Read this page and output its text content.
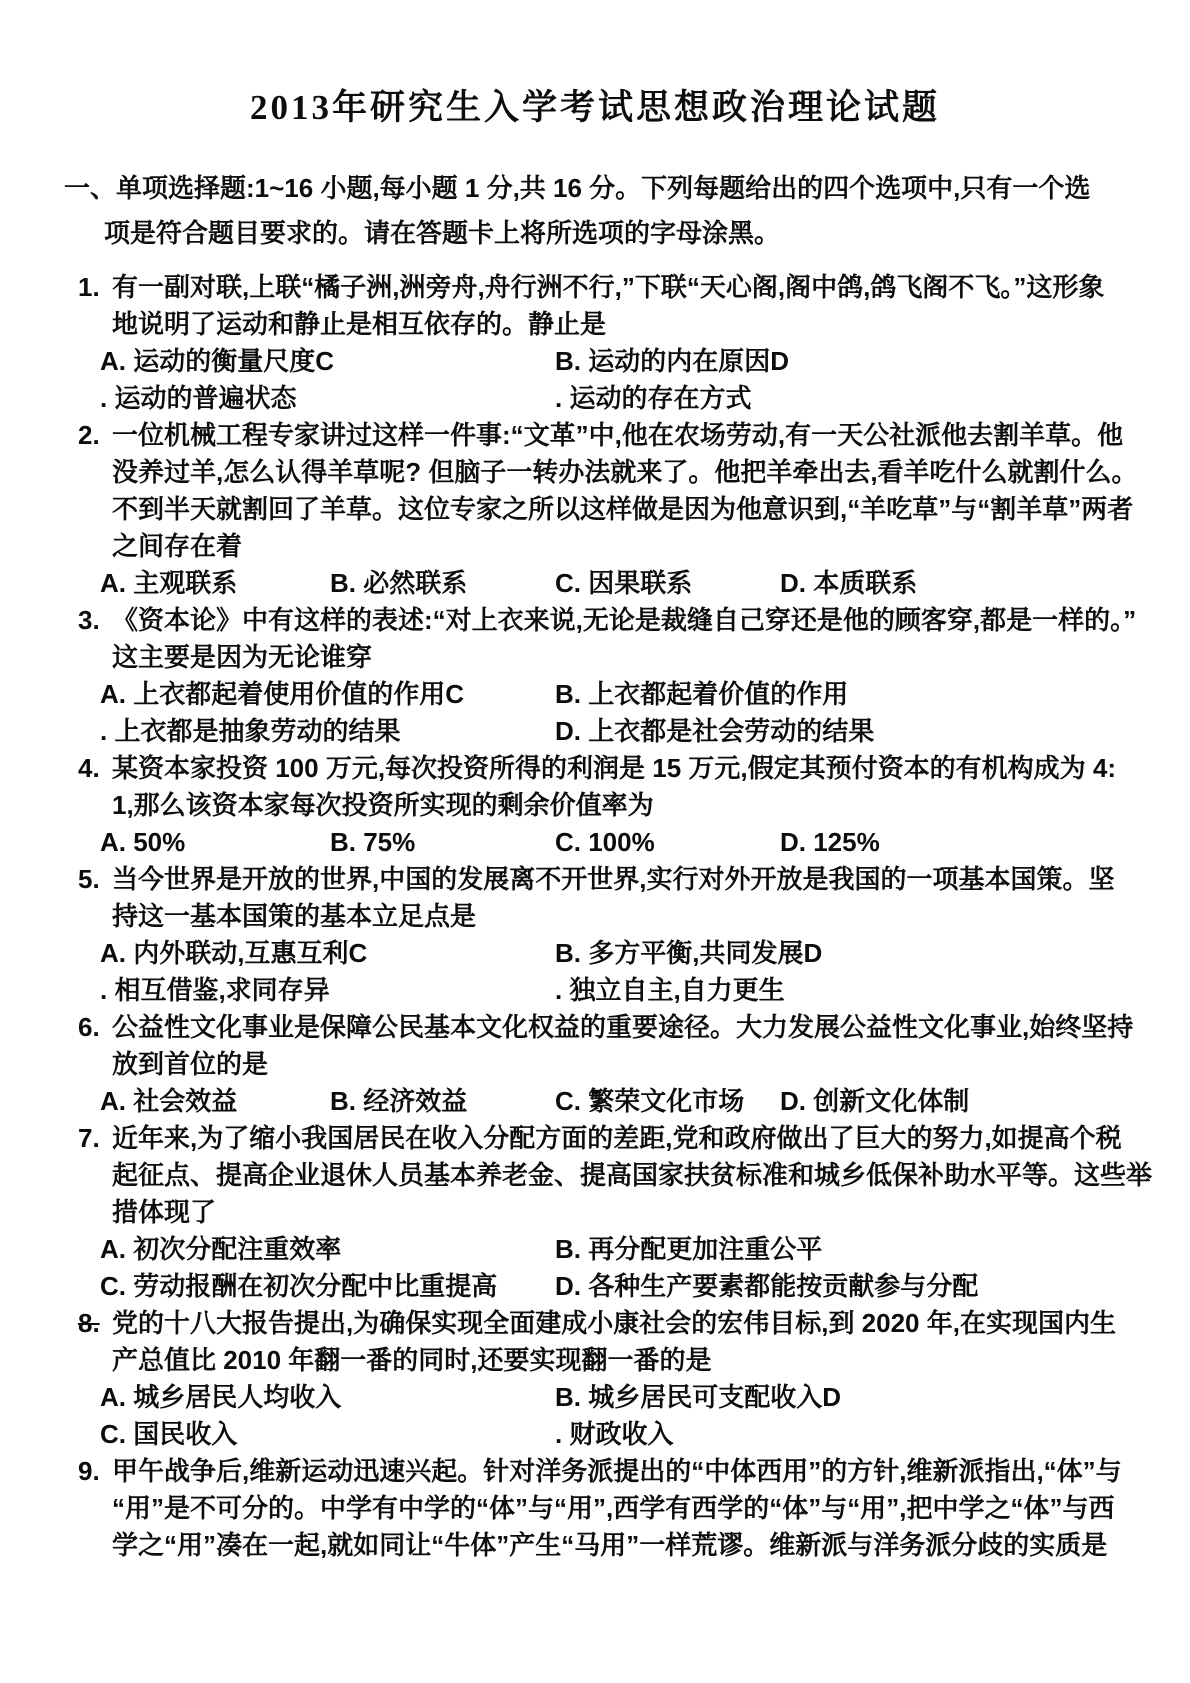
2013年研究生入学考试思想政治理论试题
一、单项选择题:1~16 小题,每小题 1 分,共 16 分。下列每题给出的四个选项中,只有一个选
项是符合题目要求的。请在答题卡上将所选项的字母涂黑。
1. 有一副对联,上联“橘子洲,洲旁舟,舟行洲不行,”下联“天心阁,阁中鸽,鸽飞阁不飞。”这形象
地说明了运动和静止是相互依存的。静止是
A. 运动的衡量尺度C	B. 运动的内在原因D
. 运动的普遍状态	. 运动的存在方式
2. 一位机械工程专家讲过这样一件事:“文革”中,他在农场劳动,有一天公社派他去割羊草。他
没养过羊,怎么认得羊草呢? 但脑子一转办法就来了。他把羊牵出去,看羊吃什么就割什么。
不到半天就割回了羊草。这位专家之所以这样做是因为他意识到,“羊吃草”与“割羊草”两者
之间存在着
A. 主观联系	B. 必然联系	C. 因果联系	D. 本质联系
3. 《资本论》中有这样的表述:“对上衣来说,无论是裁缝自己穿还是他的顾客穿,都是一样的。”
这主要是因为无论谁穿
A. 上衣都起着使用价值的作用C	B. 上衣都起着价值的作用
. 上衣都是抽象劳动的结果	D. 上衣都是社会劳动的结果
4. 某资本家投资 100 万元,每次投资所得的利润是 15 万元,假定其预付资本的有机构成为 4:
1,那么该资本家每次投资所实现的剩余价值率为
A. 50%	B. 75%	C. 100%	D. 125%
5. 当今世界是开放的世界,中国的发展离不开世界,实行对外开放是我国的一项基本国策。坚
持这一基本国策的基本立足点是
A. 内外联动,互惠互利C	B. 多方平衡,共同发展D
. 相互借鉴,求同存异	. 独立自主,自力更生
6. 公益性文化事业是保障公民基本文化权益的重要途径。大力发展公益性文化事业,始终坚持
放到首位的是
A. 社会效益	B. 经济效益	C. 繁荣文化市场	D. 创新文化体制
7. 近年来,为了缩小我国居民在收入分配方面的差距,党和政府做出了巨大的努力,如提高个税
起征点、提高企业退休人员基本养老金、提高国家扶贫标准和城乡低保补助水平等。这些举
措体现了
A. 初次分配注重效率	B. 再分配更加注重公平
C. 劳动报酬在初次分配中比重提高	D. 各种生产要素都能按贡献参与分配
8. 党的十八大报告提出,为确保实现全面建成小康社会的宏伟目标,到 2020 年,在实现国内生
产总值比 2010 年翻一番的同时,还要实现翻一番的是
A. 城乡居民人均收入	B. 城乡居民可支配收入D
C. 国民收入	. 财政收入
9. 甲午战争后,维新运动迅速兴起。针对洋务派提出的“中体西用”的方针,维新派指出,“体”与
“用”是不可分的。中学有中学的“体”与“用”,西学有西学的“体”与“用”,把中学之“体”与西
学之“用”凑在一起,就如同让“牛体”产生“马用”一样荒谬。维新派与洋务派分歧的实质是
